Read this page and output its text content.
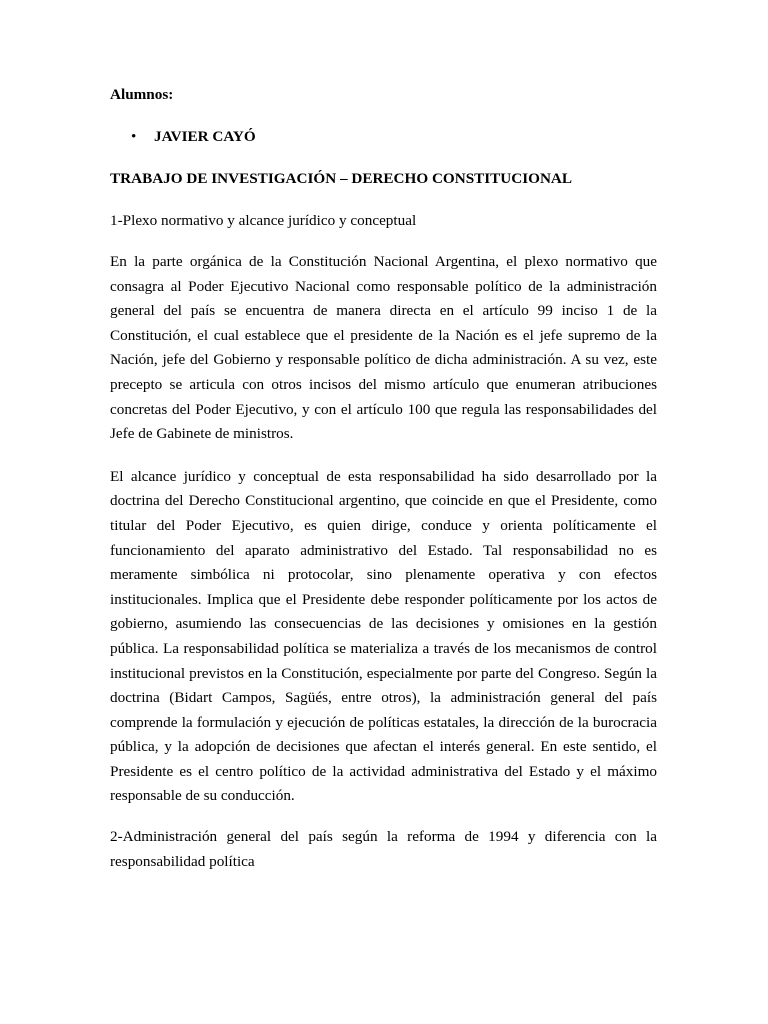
Alumnos:

• JAVIER CAYÓ

TRABAJO DE INVESTIGACIÓN – DERECHO CONSTITUCIONAL

1-Plexo normativo y alcance jurídico y conceptual

En la parte orgánica de la Constitución Nacional Argentina, el plexo normativo que consagra al Poder Ejecutivo Nacional como responsable político de la administración general del país se encuentra de manera directa en el artículo 99 inciso 1 de la Constitución, el cual establece que el presidente de la Nación es el jefe supremo de la Nación, jefe del Gobierno y responsable político de dicha administración. A su vez, este precepto se articula con otros incisos del mismo artículo que enumeran atribuciones concretas del Poder Ejecutivo, y con el artículo 100 que regula las responsabilidades del Jefe de Gabinete de ministros.

El alcance jurídico y conceptual de esta responsabilidad ha sido desarrollado por la doctrina del Derecho Constitucional argentino, que coincide en que el Presidente, como titular del Poder Ejecutivo, es quien dirige, conduce y orienta políticamente el funcionamiento del aparato administrativo del Estado. Tal responsabilidad no es meramente simbólica ni protocolar, sino plenamente operativa y con efectos institucionales. Implica que el Presidente debe responder políticamente por los actos de gobierno, asumiendo las consecuencias de las decisiones y omisiones en la gestión pública. La responsabilidad política se materializa a través de los mecanismos de control institucional previstos en la Constitución, especialmente por parte del Congreso. Según la doctrina (Bidart Campos, Sagüés, entre otros), la administración general del país comprende la formulación y ejecución de políticas estatales, la dirección de la burocracia pública, y la adopción de decisiones que afectan el interés general. En este sentido, el Presidente es el centro político de la actividad administrativa del Estado y el máximo responsable de su conducción.

2-Administración general del país según la reforma de 1994 y diferencia con la responsabilidad política
